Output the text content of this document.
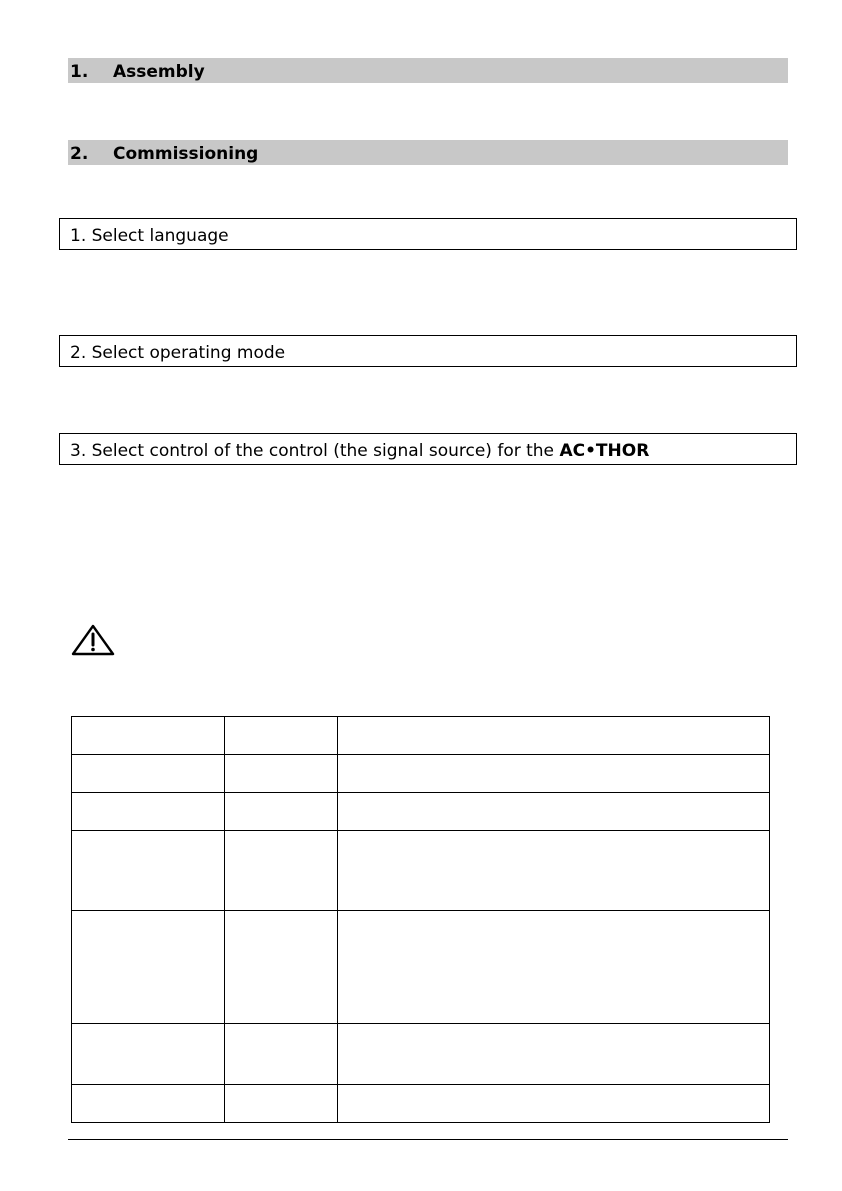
1. Assembly
2. Commissioning
1. Select language
2. Select operating mode
3. Select control of the control (the signal source) for the AC•THOR
